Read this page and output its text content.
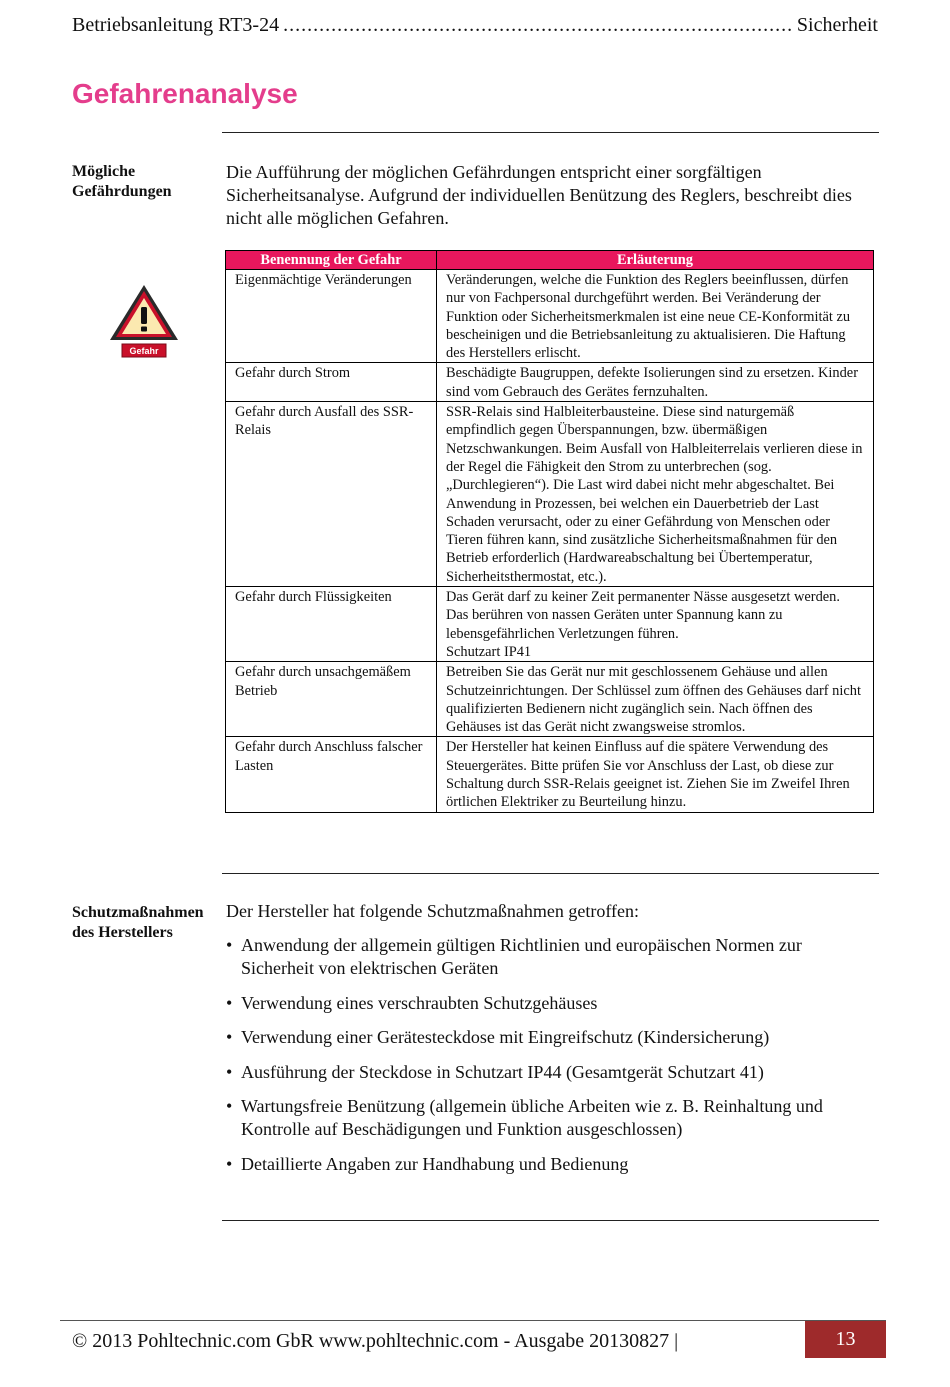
Betriebsanleitung RT3-24 .....	Sicherheit
Gefahrenanalyse
Mögliche Gefährdungen

Die Aufführung der möglichen Gefährdungen entspricht einer sorgfältigen Sicherheitsanalyse. Aufgrund der individuellen Benützung des Reglers, beschreibt dies nicht alle möglichen Gefahren.

Gefahr
Benennung der Gefahr	Erläuterung
Eigenmächtige Veränderungen	Veränderungen, welche die Funktion des Reglers beeinflussen, dürfen nur von Fachpersonal durchgeführt werden. Bei Veränderung der Funktion oder Sicherheitsmerkmalen ist eine neue CE-Konformität zu bescheinigen und die Betriebsanleitung zu aktualisieren. Die Haftung des Herstellers erlischt.
Gefahr durch Strom	Beschädigte Baugruppen, defekte Isolierungen sind zu ersetzen. Kinder sind vom Gebrauch des Gerätes fernzuhalten.
Gefahr durch Ausfall des SSR-Relais	SSR-Relais sind Halbleiterbausteine. Diese sind naturgemäß empfindlich gegen Überspannungen, bzw. übermäßigen Netzschwankungen. Beim Ausfall von Halbleiterrelais verlieren diese in der Regel die Fähigkeit den Strom zu unterbrechen (sog. „Durchlegieren“). Die Last wird dabei nicht mehr abgeschaltet. Bei Anwendung in Prozessen, bei welchen ein Dauerbetrieb der Last Schaden verursacht, oder zu einer Gefährdung von Menschen oder Tieren führen kann, sind zusätzliche Sicherheitsmaßnahmen für den Betrieb erforderlich (Hardwareabschaltung bei Übertemperatur, Sicherheitsthermostat, etc.).
Gefahr durch Flüssigkeiten	Das Gerät darf zu keiner Zeit permanenter Nässe ausgesetzt werden. Das berühren von nassen Geräten unter Spannung kann zu lebensgefährlichen Verletzungen führen.
Schutzart IP41
Gefahr durch unsachgemäßem Betrieb	Betreiben Sie das Gerät nur mit geschlossenem Gehäuse und allen Schutzeinrichtungen. Der Schlüssel zum öffnen des Gehäuses darf nicht qualifizierten Bedienern nicht zugänglich sein. Nach öffnen des Gehäuses ist das Gerät nicht zwangsweise stromlos.
Gefahr durch Anschluss falscher Lasten	Der Hersteller hat keinen Einfluss auf die spätere Verwendung des Steuergerätes. Bitte prüfen Sie vor Anschluss der Last, ob diese zur Schaltung durch SSR-Relais geeignet ist. Ziehen Sie im Zweifel Ihren örtlichen Elektriker zu Beurteilung hinzu.
Schutzmaßnahmen des Herstellers

Der Hersteller hat folgende Schutzmaßnahmen getroffen:

• Anwendung der allgemein gültigen Richtlinien und europäischen Normen zur Sicherheit von elektrischen Geräten
• Verwendung eines verschraubten Schutzgehäuses
• Verwendung einer Gerätesteckdose mit Eingreifschutz (Kindersicherung)
• Ausführung der Steckdose in Schutzart IP44 (Gesamtgerät Schutzart 41)
• Wartungsfreie Benützung (allgemein übliche Arbeiten wie z. B. Reinhaltung und Kontrolle auf Beschädigungen und Funktion ausgeschlossen)
• Detaillierte Angaben zur Handhabung und Bedienung
© 2013 Pohltechnic.com GbR www.pohltechnic.com - Ausgabe 20130827 |	13
